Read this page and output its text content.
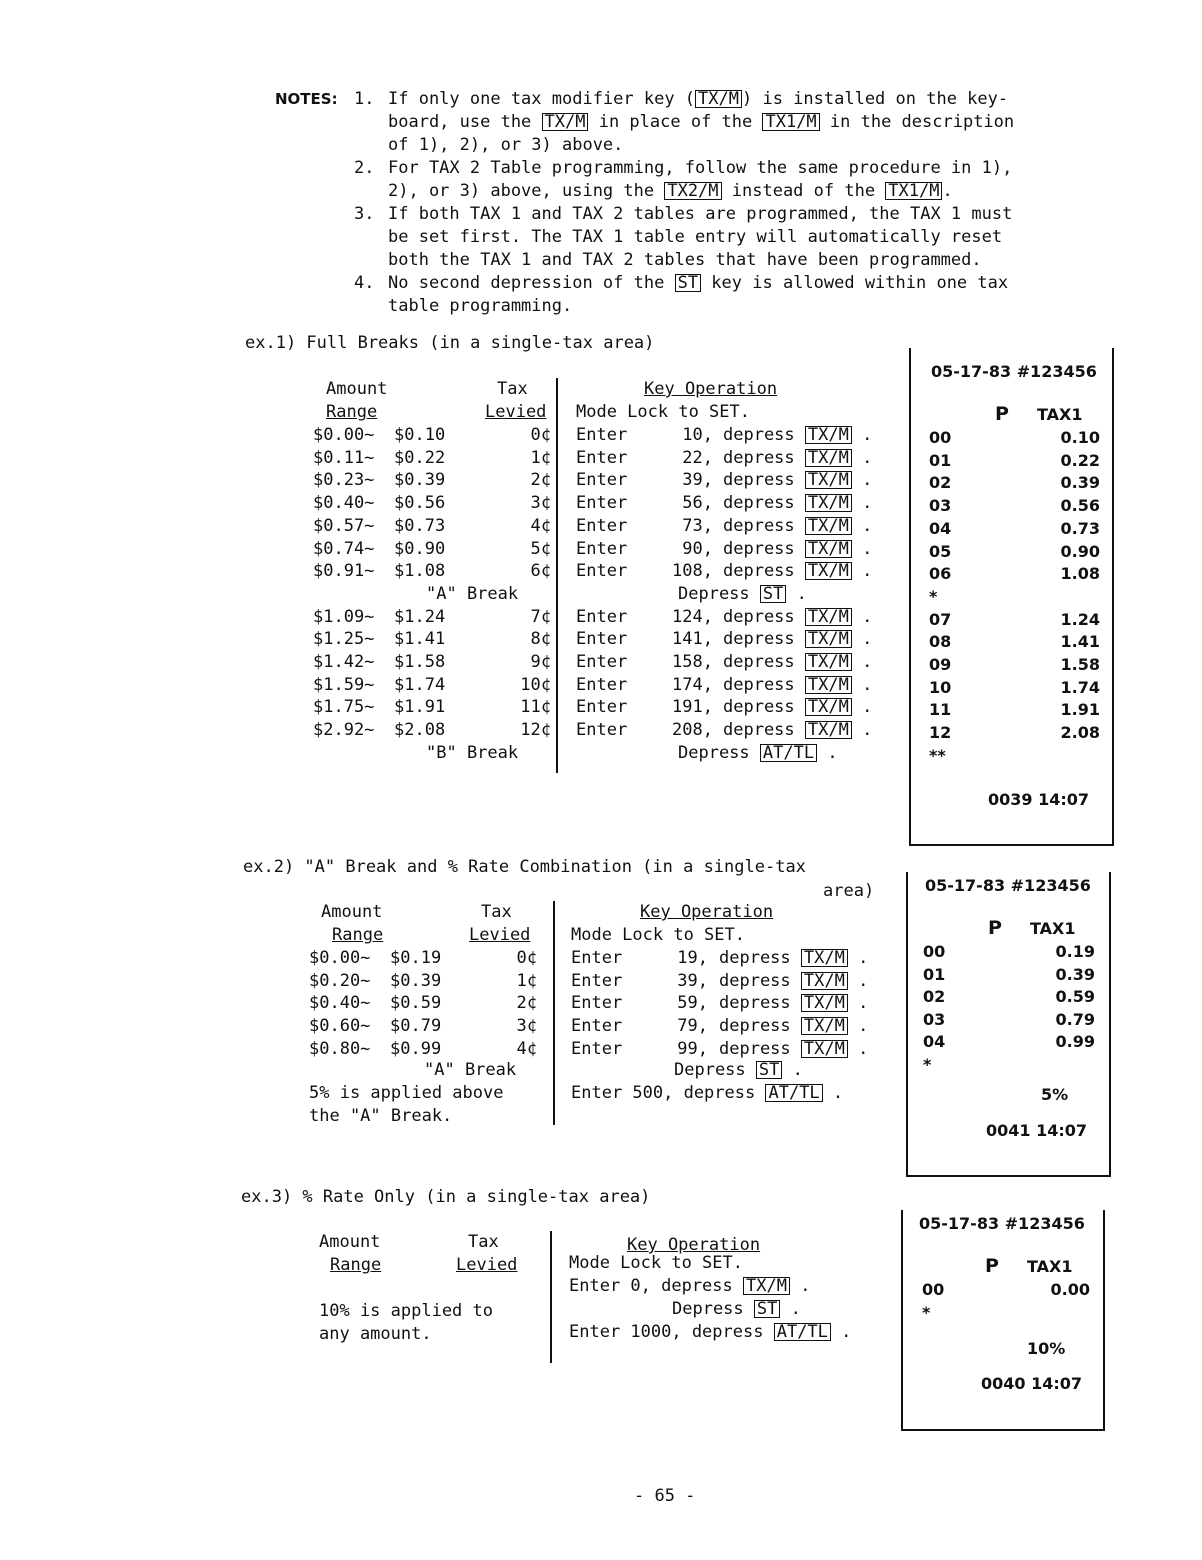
NOTES: 1. If only one tax modifier key ( TX/M ) is installed on the key-
board, use the TX/M in place of the TX1/M in the description
of 1), 2), or 3) above.
2. For TAX 2 Table programming, follow the same procedure in 1),
2), or 3) above, using the TX2/M instead of the TX1/M .
3. If both TAX 1 and TAX 2 tables are programmed, the TAX 1 must
be set first. The TAX 1 table entry will automatically reset
both the TAX 1 and TAX 2 tables that have been programmed.
4. No second depression of the ST key is allowed within one tax
table programming.
ex.1) Full Breaks (in a single-tax area)
Amount
Range
Tax
Levied
Key Operation
Mode Lock to SET.
$0.00~ $0.10	0¢ Enter	10, depress TX/M .
$0.11~ $0.22	1¢ Enter	22, depress TX/M .
$0.23~ $0.39	2¢ Enter	39, depress TX/M .
$0.40~ $0.56	3¢ Enter	56, depress TX/M .
$0.57~ $0.73	4¢ Enter	73, depress TX/M .
$0.74~ $0.90	5¢ Enter	90, depress TX/M .
$0.91~ $1.08	6¢ Enter	108, depress TX/M .
"A" Break	Depress ST .
$1.09~ $1.24	7¢ Enter	124, depress TX/M .
$1.25~ $1.41	8¢ Enter	141, depress TX/M .
$1.42~ $1.58	9¢ Enter	158, depress TX/M .
$1.59~ $1.74	10¢ Enter	174, depress TX/M .
$1.75~ $1.91	11¢ Enter	191, depress TX/M .
$2.92~ $2.08	12¢ Enter	208, depress TX/M .
"B" Break	Depress AT/TL .
05-17-83 #123456
P TAX1
00	0.10
01	0.22
02	0.39
03	0.56
04	0.73
05	0.90
06	1.08
*
07	1.24
08	1.41
09	1.58
10	1.74
11	1.91
12	2.08
**
0039 14:07
ex.2) "A" Break and % Rate Combination (in a single-tax
area)
Amount
Range
Tax
Levied
Key Operation
Mode Lock to SET.
$0.00~ $0.19	0¢ Enter	19, depress TX/M .
$0.20~ $0.39	1¢ Enter	39, depress TX/M .
$0.40~ $0.59	2¢ Enter	59, depress TX/M .
$0.60~ $0.79	3¢ Enter	79, depress TX/M .
$0.80~ $0.99	4¢ Enter	99, depress TX/M .
"A" Break	Depress ST .
5% is applied above
the "A" Break.
Enter 500, depress AT/TL .
05-17-83 #123456
P TAX1
00	0.19
01	0.39
02	0.59
03	0.79
04	0.99
*
5%
0041 14:07
ex.3) % Rate Only (in a single-tax area)
Amount
Range
Tax
Levied
Key Operation
Mode Lock to SET.
Enter 0, depress TX/M .
Depress ST .
Enter 1000, depress AT/TL .
10% is applied to
any amount.
05-17-83 #123456
P TAX1
00	0.00
*
10%
0040 14:07
- 65 -
